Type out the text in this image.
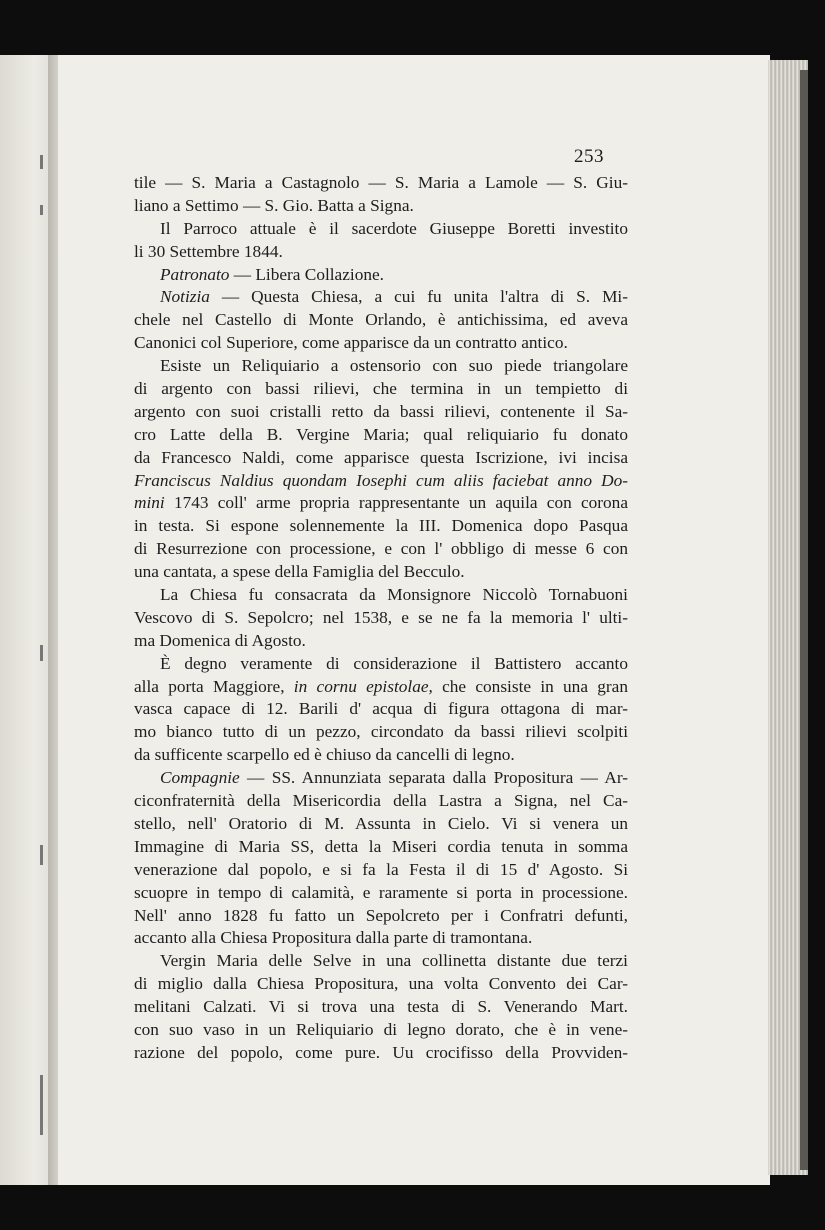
253
tile — S. Maria a Castagnolo — S. Maria a Lamole — S. Giu-
liano a Settimo — S. Gio. Batta a Signa.
Il Parroco attuale è il sacerdote Giuseppe Boretti investito
li 30 Settembre 1844.
Patronato — Libera Collazione.
Notizia — Questa Chiesa, a cui fu unita l'altra di S. Mi-
chele nel Castello di Monte Orlando, è antichissima, ed aveva
Canonici col Superiore, come apparisce da un contratto antico.
Esiste un Reliquiario a ostensorio con suo piede triangolare
di argento con bassi rilievi, che termina in un tempietto di
argento con suoi cristalli retto da bassi rilievi, contenente il Sa-
cro Latte della B. Vergine Maria; qual reliquiario fu donato
da Francesco Naldi, come apparisce questa Iscrizione, ivi incisa
Franciscus Naldius quondam Iosephi cum aliis faciebat anno Do-
mini 1743 coll' arme propria rappresentante un aquila con corona
in testa. Si espone solennemente la III. Domenica dopo Pasqua
di Resurrezione con processione, e con l' obbligo di messe 6 con
una cantata, a spese della Famiglia del Becculo.
La Chiesa fu consacrata da Monsignore Niccolò Tornabuoni
Vescovo di S. Sepolcro; nel 1538, e se ne fa la memoria l' ulti-
ma Domenica di Agosto.
È degno veramente di considerazione il Battistero accanto
alla porta Maggiore, in cornu epistolae, che consiste in una gran
vasca capace di 12. Barili d' acqua di figura ottagona di mar-
mo bianco tutto di un pezzo, circondato da bassi rilievi scolpiti
da sufficente scarpello ed è chiuso da cancelli di legno.
Compagnie — SS. Annunziata separata dalla Propositura — Ar-
ciconfraternità della Misericordia della Lastra a Signa, nel Ca-
stello, nell' Oratorio di M. Assunta in Cielo. Vi si venera un
Immagine di Maria SS, detta la Miseri cordia tenuta in somma
venerazione dal popolo, e si fa la Festa il di 15 d' Agosto. Si
scuopre in tempo di calamità, e raramente si porta in processione.
Nell' anno 1828 fu fatto un Sepolcreto per i Confratri defunti,
accanto alla Chiesa Propositura dalla parte di tramontana.
Vergin Maria delle Selve in una collinetta distante due terzi
di miglio dalla Chiesa Propositura, una volta Convento dei Car-
melitani Calzati. Vi si trova una testa di S. Venerando Mart.
con suo vaso in un Reliquiario di legno dorato, che è in vene-
razione del popolo, come pure. Uu crocifisso della Provviden-
